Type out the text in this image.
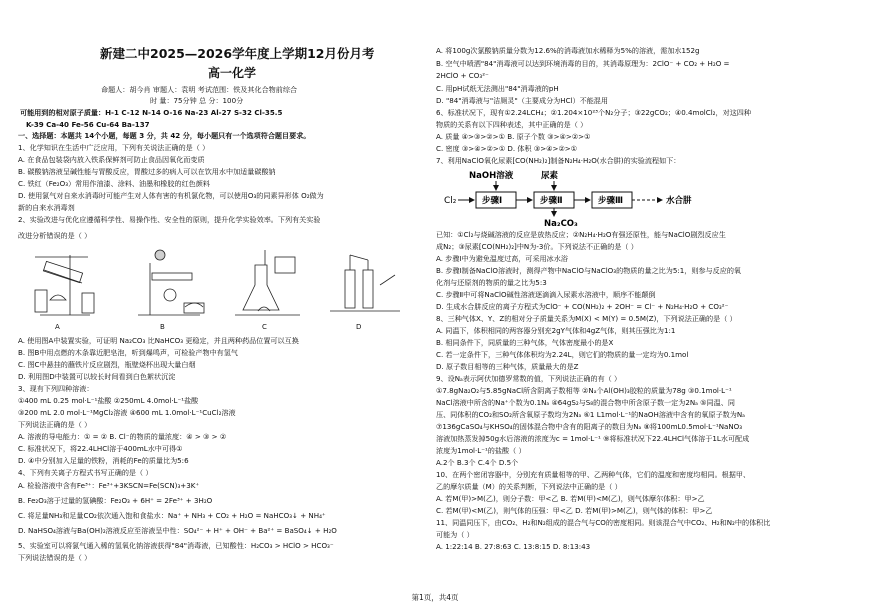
新建二中2025—2026学年度上学期12月份月考
高一化学
命题人：胡今肖 审题人：袁明 考试范围：铁及其化合物前综合
时 量：75分钟 总 分：100分
可能用到的相对原子质量：H-1 C-12 N-14 O-16 Na-23 Al-27 S-32 Cl-35.5
K-39 Ca-40 Fe-56 Cu-64 Ba-137
一、选择题：本题共 14个小题，每题 3 分，共 42 分，每小题只有一个选项符合题目要求。
1、化学知识在生活中广泛应用，下列有关说法正确的是（ ）
A. 在食品包装袋内放入铁系保鲜剂可防止食品因氧化而变质
B. 碳酸钠溶液呈碱性能与胃酸反应，胃酸过多的病人可以在饮用水中加适量碳酸钠
C. 铁红（Fe₂O₃）常用作油漆、涂料、油墨和橡胶的红色颜料
D. 使用氯气对自来水消毒时可能产生对人体有害的有机氯化物，可以使用O₃的同素异形体 O₂做为
新的自来水消毒剂
2、实验改进与优化应遵循科学性、易操作性、安全性的原则，提升化学实验效率。下列有关实验
改进分析错误的是（ ）
A	B	C	D
A. 使用图A中装置实验，可证明 Na₂CO₃ 比NaHCO₃ 更稳定，并且两种药品位置可以互换
B. 图B中用点燃的木条靠近肥皂泡，听到爆鸣声，可检验产物中有氢气
C. 图C中悬挂的蘸铁片反应剧烈，瓶壁烧杯出现大量白烟
D. 利用图D中装置可以较长时间看到白色絮状沉淀
3、现有下列四种溶液：
①400 mL 0.25 mol·L⁻¹盐酸 ②250mL 4.0mol·L⁻¹盐酸
③200 mL 2.0 mol·L⁻¹MgCl₂溶液 ④600 mL 1.0mol·L⁻¹CuCl₂溶液
下列说法正确的是（ ）
A. 溶液的导电能力：① = ② B. Cl⁻的物质的量浓度：④ > ③ > ②
C. 标准状况下，将22.4LHCl溶于400mL水中可得①
D. ④中分别加入足量的铁粉，消耗的Fe的质量比为5:6
4、下列有关离子方程式书写正确的是（ ）
A. 检验溶液中含有Fe³⁺：Fe³⁺+3KSCN=Fe(SCN)₃+3K⁺
B. Fe₂O₃溶于过量的氢碘酸：Fe₂O₃ + 6H⁺ = 2Fe³⁺ + 3H₂O
C. 将足量NH₃和足量CO₂依次通入饱和食盐水：Na⁺ + NH₃ + CO₂ + H₂O = NaHCO₃↓ + NH₄⁺
D. NaHSO₄溶液与Ba(OH)₂溶液反应至溶液呈中性：SO₄²⁻ + H⁺ + OH⁻ + Ba²⁺ = BaSO₄↓ + H₂O
5、实验室可以将氯气通入稀的氢氧化钠溶液获得"84"消毒液，已知酸性：H₂CO₃ > HClO > HCO₃⁻
下列说法错误的是（ ）
A. 将100g次氯酸钠质量分数为12.6%的消毒液加水稀释为5%的溶液，需加水152g
B. 空气中喷洒"84"消毒液可以达到环境消毒的目的，其消毒原理为：2ClO⁻ + CO₂ + H₂O =
2HClO + CO₃²⁻
C. 用pH试纸无法测出"84"消毒液的pH
D. "84"消毒液与"洁厕灵"（主要成分为HCl）不能混用
6、标准状况下，现有①2.24LCH₄；②1.204×10²³个N₂分子；③22gCO₂；④0.4molCl₂，对这四种
物质的关系有以下四种表述，其中正确的是（ ）
A. 质量 ④>③>②>① B. 原子个数 ③>④>②>①
C. 密度 ③>④>②>① D. 体积 ③>④>②>①
7、利用NaClO氧化尿素[CO(NH₂)₂]制备N₂H₄·H₂O(水合肼)的实验流程如下：
Cl₂	步骤Ⅰ
NaOH溶液
步骤Ⅱ
尿素
步骤Ⅲ	水合肼
Na₂CO₃
已知：①Cl₂与烧碱溶液的反应是放热反应；②N₂H₄·H₂O有强还原性，能与NaClO剧烈反应生
成N₂；③尿素[CO(NH₂)₂]中N为-3价。下列说法不正确的是（ ）
A. 步骤Ⅰ中为避免温度过高，可采用冰水浴
B. 步骤Ⅰ制备NaClO溶液时，测得产物中NaClO与NaClO₃的物质的量之比为5:1，则参与反应的氧
化剂与还原剂的物质的量之比为5:3
C. 步骤Ⅱ中可将NaClO碱性溶液逐滴滴入尿素水溶液中，顺序不能颠倒
D. 生成水合肼反应的离子方程式为ClO⁻ + CO(NH₂)₂ + 2OH⁻ = Cl⁻ + N₂H₄·H₂O + CO₃²⁻
8、三种气体X、Y、Z的相对分子质量关系为M(X) < M(Y) = 0.5M(Z)，下列说法正确的是（ ）
A. 同温下，体积相同的两容器分别充2gY气体和4gZ气体，则其压强比为1:1
B. 相同条件下，同质量的三种气体，气体密度最小的是X
C. 若一定条件下，三种气体体积均为2.24L，则它们的物质的量一定均为0.1mol
D. 原子数目相等的三种气体，质量最大的是Z
9、设Nₐ表示阿伏加德罗常数的值，下列说法正确的有（ ）
①7.8gNa₂O₂与5.85gNaCl所含阴离子数相等 ②Nₐ个Al(OH)₃胶粒的质量为78g ③0.1mol·L⁻¹
NaCl溶液中所含的Na⁺个数为0.1Nₐ ④64gS₂与S₈的混合物中所含原子数一定为2Nₐ ⑤同温、同
压、同体积的CO₂和SO₂所含氧原子数均为2Nₐ ⑥1 L1mol·L⁻¹的NaOH溶液中含有的氧原子数为Nₐ
⑦136gCaSO₄与KHSO₄的固体混合物中含有的阳离子的数目为Nₐ ⑧将100mL0.5mol·L⁻¹NaNO₃
溶液加热蒸发掉50g水后溶液的浓度为c = 1mol·L⁻¹ ⑨将标准状况下22.4LHCl气体溶于1L水可配成
浓度为1mol·L⁻¹的盐酸（ ）
A.2个 B.3个 C.4个 D.5个
10、在两个密闭容器中，分别充有质量相等的甲、乙两种气体，它们的温度和密度均相同。根据甲、
乙的摩尔质量（M）的关系判断，下列说法中正确的是（ ）
A. 若M(甲)>M(乙)，则分子数：甲<乙 B. 若M(甲)<M(乙)，则气体摩尔体积：甲>乙
C. 若M(甲)<M(乙)，则气体的压强：甲<乙 D. 若M(甲)>M(乙)，则气体的体积：甲>乙
11、同温同压下，由CO₂、H₂和N₂组成的混合气与CO的密度相同。则该混合气中CO₂、H₂和N₂中的体积比
可能为（ ）
A. 1:22:14 B. 27:8:63 C. 13:8:15 D. 8:13:43
第1页，共4页
